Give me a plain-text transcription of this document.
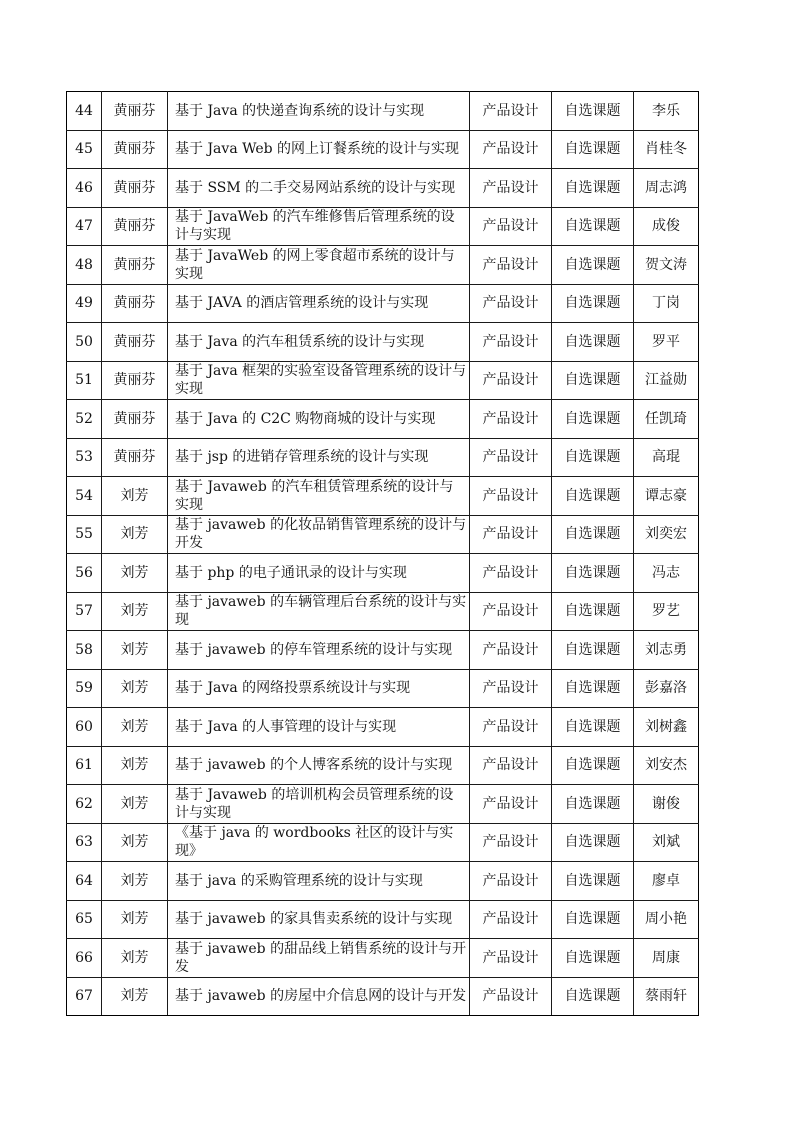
44	黄丽芬	基于 Java 的快递查询系统的设计与实现	产品设计	自选课题	李乐
45	黄丽芬	基于 Java Web 的网上订餐系统的设计与实现	产品设计	自选课题	肖桂冬
46	黄丽芬	基于 SSM 的二手交易网站系统的设计与实现	产品设计	自选课题	周志鸿
47	黄丽芬	基于 JavaWeb 的汽车维修售后管理系统的设计与实现	产品设计	自选课题	成俊
48	黄丽芬	基于 JavaWeb 的网上零食超市系统的设计与实现	产品设计	自选课题	贺文涛
49	黄丽芬	基于 JAVA 的酒店管理系统的设计与实现	产品设计	自选课题	丁岗
50	黄丽芬	基于 Java 的汽车租赁系统的设计与实现	产品设计	自选课题	罗平
51	黄丽芬	基于 Java 框架的实验室设备管理系统的设计与实现	产品设计	自选课题	江益勋
52	黄丽芬	基于 Java 的 C2C 购物商城的设计与实现	产品设计	自选课题	任凯琦
53	黄丽芬	基于 jsp 的进销存管理系统的设计与实现	产品设计	自选课题	高琨
54	刘芳	基于 Javaweb 的汽车租赁管理系统的设计与实现	产品设计	自选课题	谭志豪
55	刘芳	基于 javaweb 的化妆品销售管理系统的设计与开发	产品设计	自选课题	刘奕宏
56	刘芳	基于 php 的电子通讯录的设计与实现	产品设计	自选课题	冯志
57	刘芳	基于 javaweb 的车辆管理后台系统的设计与实现	产品设计	自选课题	罗艺
58	刘芳	基于 javaweb 的停车管理系统的设计与实现	产品设计	自选课题	刘志勇
59	刘芳	基于 Java 的网络投票系统设计与实现	产品设计	自选课题	彭嘉洛
60	刘芳	基于 Java 的人事管理的设计与实现	产品设计	自选课题	刘树鑫
61	刘芳	基于 javaweb 的个人博客系统的设计与实现	产品设计	自选课题	刘安杰
62	刘芳	基于 Javaweb 的培训机构会员管理系统的设计与实现	产品设计	自选课题	谢俊
63	刘芳	《基于 java 的 wordbooks 社区的设计与实现》	产品设计	自选课题	刘斌
64	刘芳	基于 java 的采购管理系统的设计与实现	产品设计	自选课题	廖卓
65	刘芳	基于 javaweb 的家具售卖系统的设计与实现	产品设计	自选课题	周小艳
66	刘芳	基于 javaweb 的甜品线上销售系统的设计与开发	产品设计	自选课题	周康
67	刘芳	基于 javaweb 的房屋中介信息网的设计与开发	产品设计	自选课题	蔡雨轩
